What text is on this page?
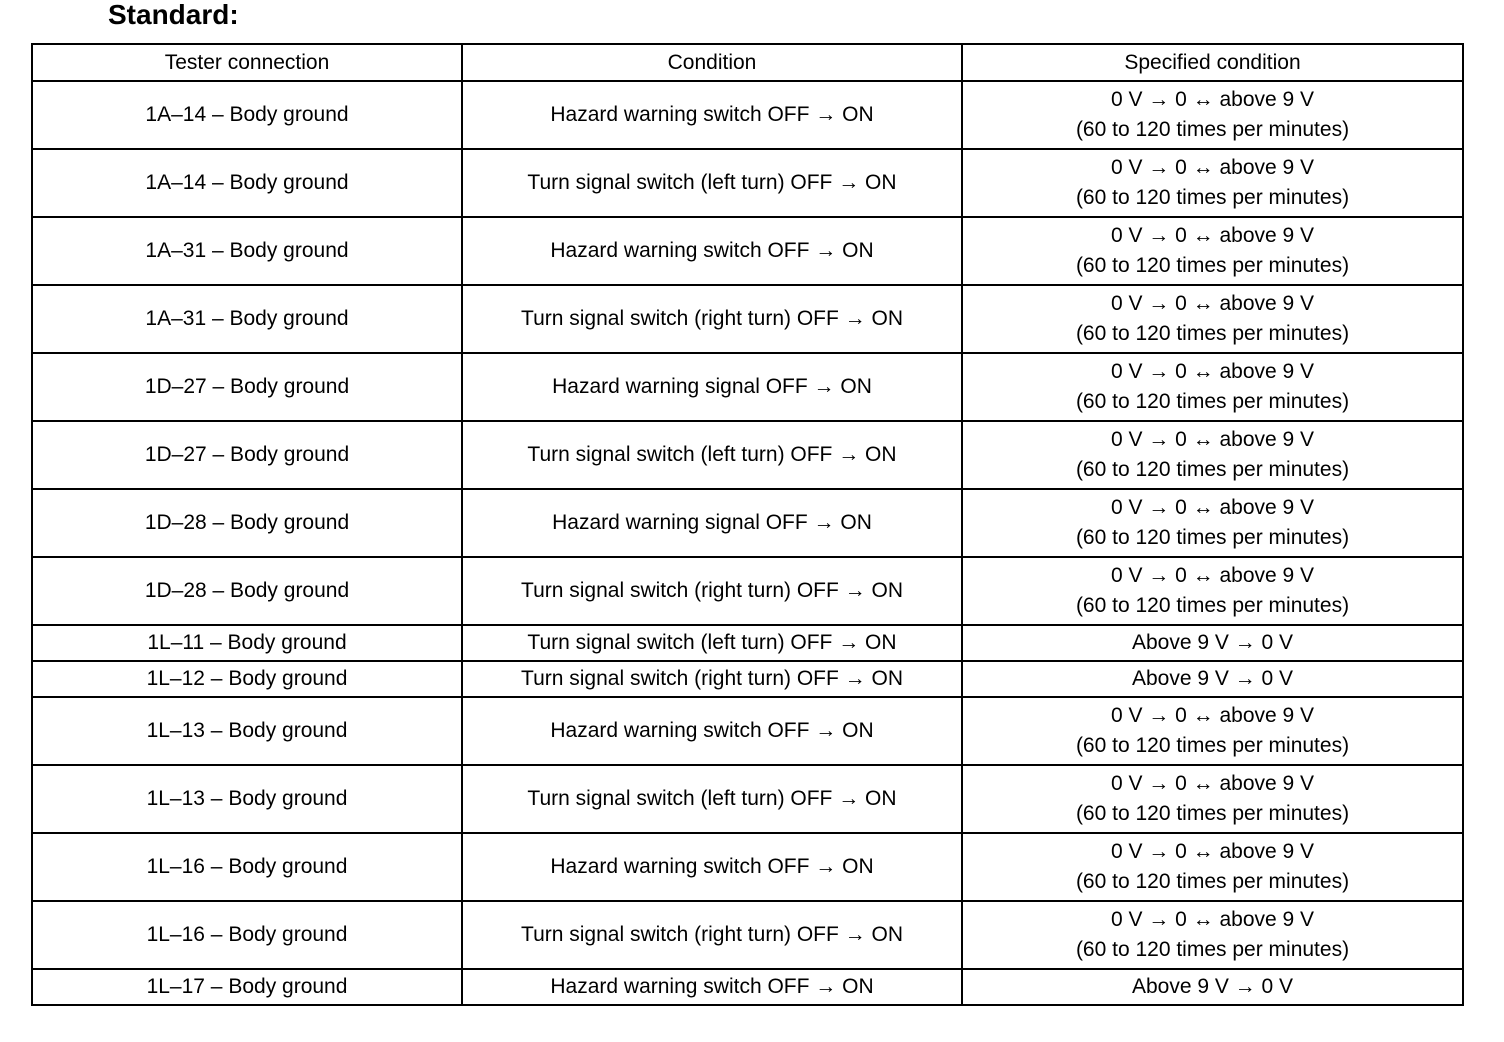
Standard:
Tester connection	Condition	Specified condition
1A–14 – Body ground	Hazard warning switch OFF → ON	0 V → 0 ↔ above 9 V
(60 to 120 times per minutes)

1A–14 – Body ground	Turn signal switch (left turn) OFF → ON	0 V → 0 ↔ above 9 V
(60 to 120 times per minutes)

1A–31 – Body ground	Hazard warning switch OFF → ON	0 V → 0 ↔ above 9 V
(60 to 120 times per minutes)

1A–31 – Body ground	Turn signal switch (right turn) OFF → ON	0 V → 0 ↔ above 9 V
(60 to 120 times per minutes)

1D–27 – Body ground	Hazard warning signal OFF → ON	0 V → 0 ↔ above 9 V
(60 to 120 times per minutes)

1D–27 – Body ground	Turn signal switch (left turn) OFF → ON	0 V → 0 ↔ above 9 V
(60 to 120 times per minutes)

1D–28 – Body ground	Hazard warning signal OFF → ON	0 V → 0 ↔ above 9 V
(60 to 120 times per minutes)

1D–28 – Body ground	Turn signal switch (right turn) OFF → ON	0 V → 0 ↔ above 9 V
(60 to 120 times per minutes)

1L–11 – Body ground	Turn signal switch (left turn) OFF → ON	Above 9 V → 0 V

1L–12 – Body ground	Turn signal switch (right turn) OFF → ON	Above 9 V → 0 V

1L–13 – Body ground	Hazard warning switch OFF → ON	0 V → 0 ↔ above 9 V
(60 to 120 times per minutes)

1L–13 – Body ground	Turn signal switch (left turn) OFF → ON	0 V → 0 ↔ above 9 V
(60 to 120 times per minutes)

1L–16 – Body ground	Hazard warning switch OFF → ON	0 V → 0 ↔ above 9 V
(60 to 120 times per minutes)

1L–16 – Body ground	Turn signal switch (right turn) OFF → ON	0 V → 0 ↔ above 9 V
(60 to 120 times per minutes)

1L–17 – Body ground	Hazard warning switch OFF → ON	Above 9 V → 0 V
